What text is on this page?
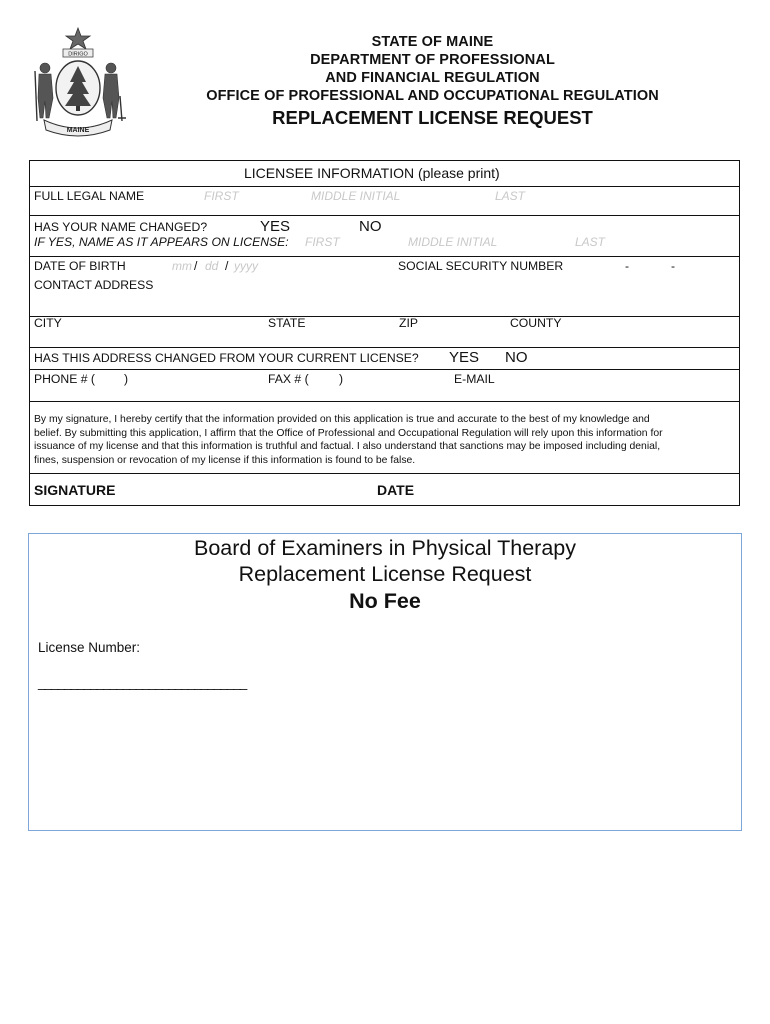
DIRIGO
MAINE
STATE OF MAINE
DEPARTMENT OF PROFESSIONAL
AND FINANCIAL REGULATION
OFFICE OF PROFESSIONAL AND OCCUPATIONAL REGULATION
REPLACEMENT LICENSE REQUEST
LICENSEE INFORMATION (please print)
FULL LEGAL NAME	FIRST	MIDDLE INITIAL	LAST
HAS YOUR NAME CHANGED?	YES	NO
IF YES, NAME AS IT APPEARS ON LICENSE: FIRST	MIDDLE INITIAL	LAST
DATE OF BIRTH	mm / dd / yyyy	SOCIAL SECURITY NUMBER	-	-
CONTACT ADDRESS
CITY	STATE	ZIP	COUNTY
HAS THIS ADDRESS CHANGED FROM YOUR CURRENT LICENSE? YES NO
PHONE # ( )	FAX # ( )	E-MAIL
By my signature, I hereby certify that the information provided on this application is true and accurate to the best of my knowledge and
belief. By submitting this application, I affirm that the Office of Professional and Occupational Regulation will rely upon this information for
issuance of my license and that this information is truthful and factual. I also understand that sanctions may be imposed including denial,
fines, suspension or revocation of my license if this information is found to be false.
SIGNATURE	DATE
Board of Examiners in Physical Therapy
Replacement License Request
No Fee
License Number:
________________________________
